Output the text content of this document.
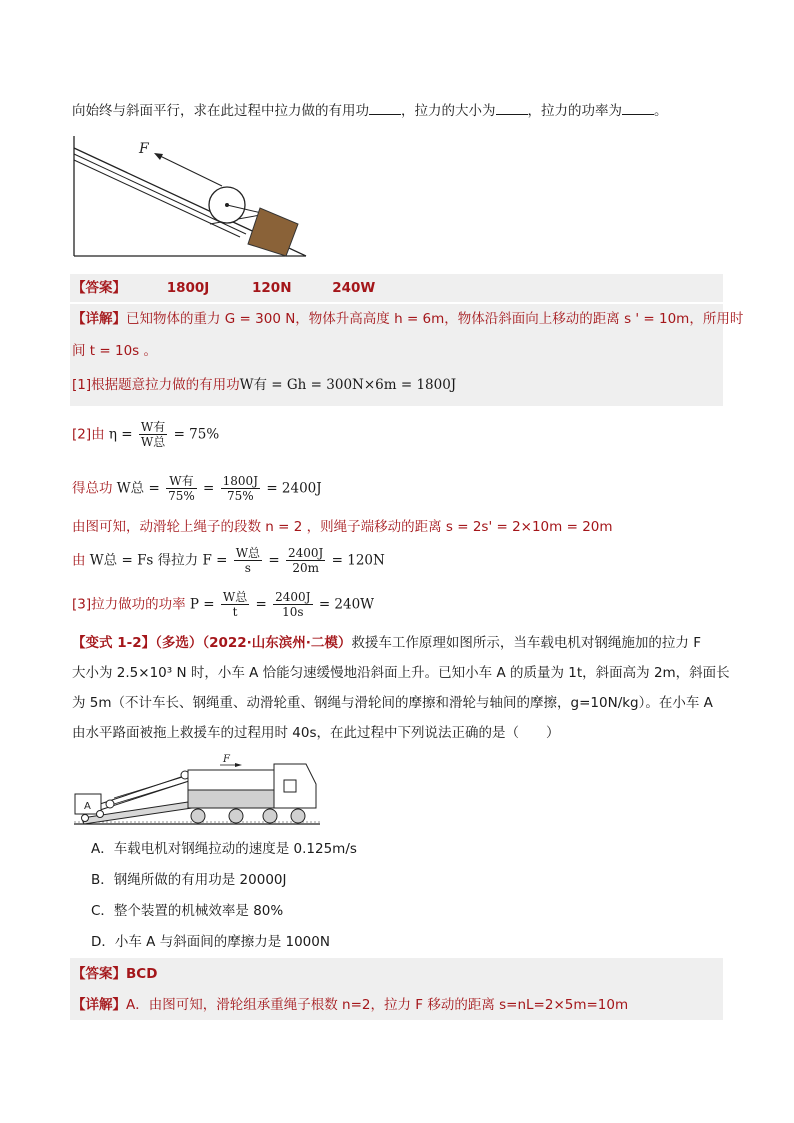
向始终与斜面平行，求在此过程中拉力做的有用功 ，拉力的大小为 ，拉力的功率为 。
F
【答案】	1800J	120N	240W
【详解】已知物体的重力 G = 300 N，物体升高高度 h = 6m，物体沿斜面向上移动的距离 s ' = 10m，所用时
间 t = 10s 。
[1]根据题意拉力做的有用功W有 = Gh = 300N×6m = 1800J
[2]由 $\eta = \frac{\text{W有}}{\text{W总}} = 75\%$
得总功 W总 = $\frac{\text{W有}}{75\%} = \frac{1800J}{75\%} = 2400J$
由图可知，动滑轮上绳子的段数 n = 2 ，则绳子端移动的距离 s = 2s' = 2×10m = 20m
由 W总 = Fs 得拉力 $F = \frac{\text{W总}}{s} = \frac{2400J}{20m} = 120N$
[3]拉力做功的功率 $P = \frac{\text{W总}}{t} = \frac{2400J}{10s} = 240W$
【变式 1-2】（多选）（2022·山东滨州·二模）救援车工作原理如图所示，当车载电机对钢绳施加的拉力 F
大小为 2.5×10³ N 时，小车 A 恰能匀速缓慢地沿斜面上升。已知小车 A 的质量为 1t，斜面高为 2m，斜面长
为 5m（不计车长、钢绳重、动滑轮重、钢绳与滑轮间的摩擦和滑轮与轴间的摩擦，g=10N/kg）。在小车 A
由水平路面被拖上救援车的过程用时 40s，在此过程中下列说法正确的是（　　）
F
A
A．车载电机对钢绳拉动的速度是 0.125m/s
B．钢绳所做的有用功是 20000J
C．整个装置的机械效率是 80%
D．小车 A 与斜面间的摩擦力是 1000N
【答案】BCD
【详解】A．由图可知，滑轮组承重绳子根数 n=2，拉力 F 移动的距离 s=nL=2×5m=10m
